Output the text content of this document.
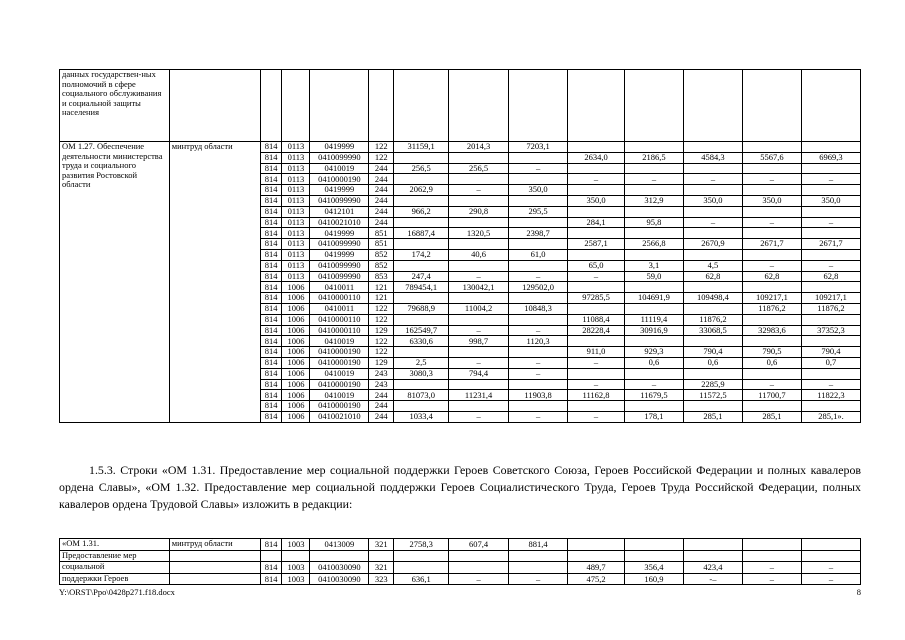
данных государствен-ных полномочий в сфере социального обслуживания и социальной защиты населения													
ОМ 1.27. Обеспечение деятельности министерства труда и социального развития Ростовской области	минтруд области	814	0113	0419999	122	31159,1	2014,3	7203,1					
		814	0113	0410099990	122				2634,0	2186,5	4584,3	5567,6	6969,3
		814	0113	0410019	244	256,5	256,5	–					
		814	0113	0410000190	244				–	–	–	–	–
		814	0113	0419999	244	2062,9	–	350,0					
		814	0113	0410099990	244				350,0	312,9	350,0	350,0	350,0
		814	0113	0412101	244	966,2	290,8	295,5					
		814	0113	0410021010	244				284,1	95,8	–	–	–
		814	0113	0419999	851	16887,4	1320,5	2398,7					
		814	0113	0410099990	851				2587,1	2566,8	2670,9	2671,7	2671,7
		814	0113	0419999	852	174,2	40,6	61,0					
		814	0113	0410099990	852				65,0	3,1	4,5	–	–
		814	0113	0410099990	853	247,4	–	–	–	59,0	62,8	62,8	62,8
		814	1006	0410011	121	789454,1	130042,1	129502,0					
		814	1006	0410000110	121				97285,5	104691,9	109498,4	109217,1	109217,1
		814	1006	0410011	122	79688,9	11004,2	10848,3				11876,2	11876,2
		814	1006	0410000110	122				11088,4	11119,4	11876,2		
		814	1006	0410000110	129	162549,7	–	–	28228,4	30916,9	33068,5	32983,6	37352,3
		814	1006	0410019	122	6330,6	998,7	1120,3					
		814	1006	0410000190	122				911,0	929,3	790,4	790,5	790,4
		814	1006	0410000190	129	2,5	–	–	–	0,6	0,6	0,6	0,7
		814	1006	0410019	243	3080,3	794,4	–					
		814	1006	0410000190	243				–	–	2285,9	–	–
		814	1006	0410019	244	81073,0	11231,4	11903,8	11162,8	11679,5	11572,5	11700,7	11822,3
		814	1006	0410000190	244								
		814	1006	0410021010	244	1033,4	–	–	–	178,1	285,1	285,1	285,1».

1.5.3. Строки «ОМ 1.31. Предоставление мер социальной поддержки Героев Советского Союза, Героев Российской Федерации и полных кавалеров ордена Славы», «ОМ 1.32. Предоставление мер социальной поддержки Героев Социалистического Труда, Героев Труда Российской Федерации, полных кавалеров ордена Трудовой Славы» изложить в редакции:

«ОМ 1.31.	минтруд области	814	1003	0413009	321	2758,3	607,4	881,4					
Предоставление мер													
социальной		814	1003	0410030090	321				489,7	356,4	423,4	–	–
поддержки Героев		814	1003	0410030090	323	636,1	–	–	475,2	160,9	-–	–	–
Y:\ORST\Ppo\0428p271.f18.docx	8
